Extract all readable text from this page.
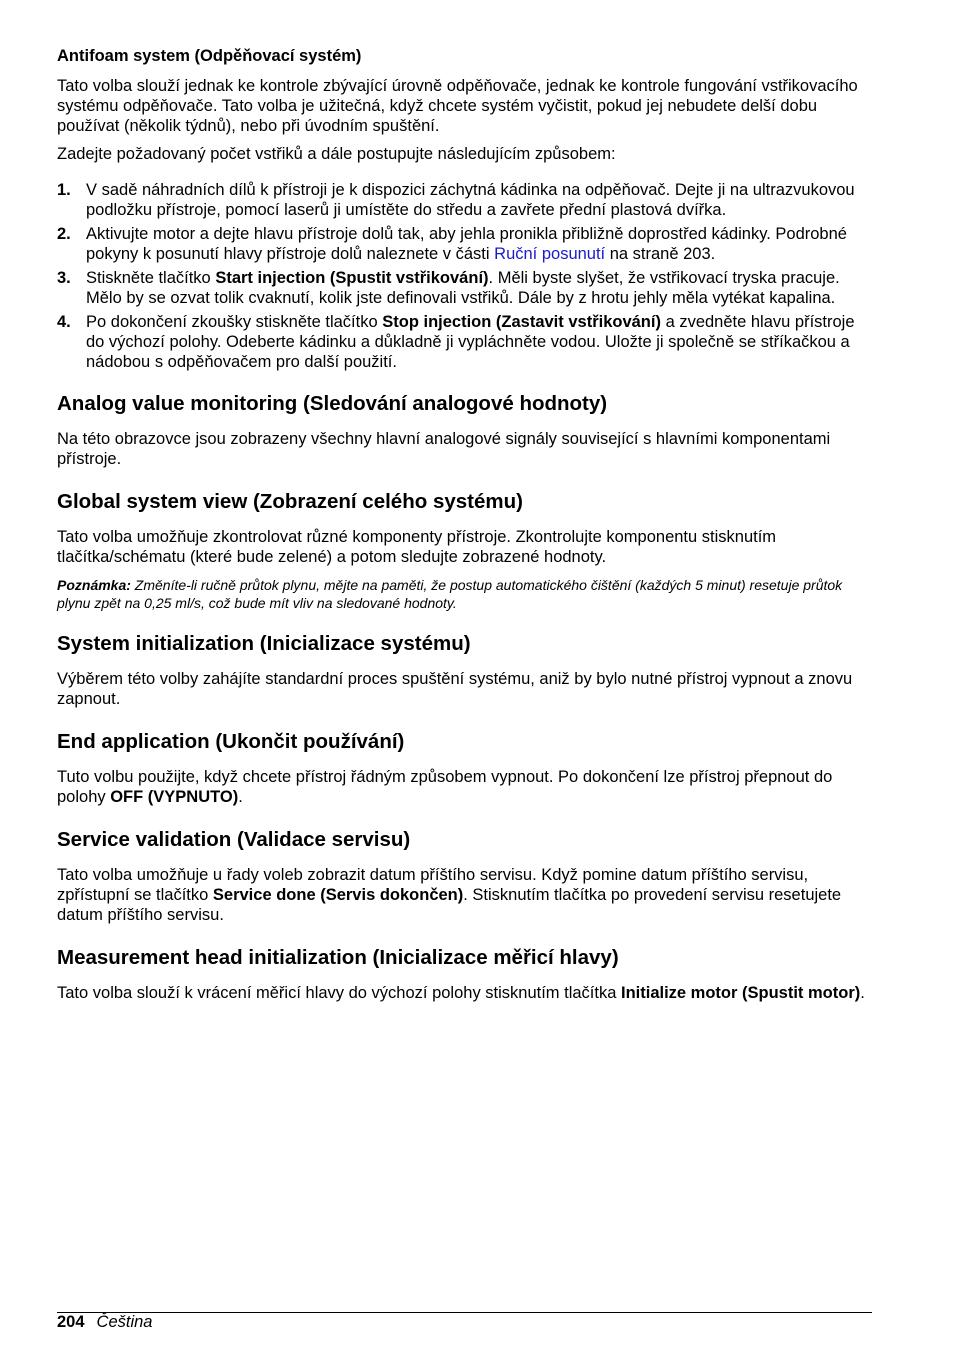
Antifoam system (Odpěňovací systém)

Tato volba slouží jednak ke kontrole zbývající úrovně odpěňovače, jednak ke kontrole fungování vstřikovacího systému odpěňovače. Tato volba je užitečná, když chcete systém vyčistit, pokud jej nebudete delší dobu používat (několik týdnů), nebo při úvodním spuštění.

Zadejte požadovaný počet vstřiků a dále postupujte následujícím způsobem:

1. V sadě náhradních dílů k přístroji je k dispozici záchytná kádinka na odpěňovač. Dejte ji na ultrazvukovou podložku přístroje, pomocí laserů ji umístěte do středu a zavřete přední plastová dvířka.
2. Aktivujte motor a dejte hlavu přístroje dolů tak, aby jehla pronikla přibližně doprostřed kádinky. Podrobné pokyny k posunutí hlavy přístroje dolů naleznete v části Ruční posunutí na straně 203.
3. Stiskněte tlačítko Start injection (Spustit vstřikování). Měli byste slyšet, že vstřikovací tryska pracuje. Mělo by se ozvat tolik cvaknutí, kolik jste definovali vstřiků. Dále by z hrotu jehly měla vytékat kapalina.
4. Po dokončení zkoušky stiskněte tlačítko Stop injection (Zastavit vstřikování) a zvedněte hlavu přístroje do výchozí polohy. Odeberte kádinku a důkladně ji vypláchněte vodou. Uložte ji společně se stříkačkou a nádobou s odpěňovačem pro další použití.
Analog value monitoring (Sledování analogové hodnoty)

Na této obrazovce jsou zobrazeny všechny hlavní analogové signály související s hlavními komponentami přístroje.

Global system view (Zobrazení celého systému)

Tato volba umožňuje zkontrolovat různé komponenty přístroje. Zkontrolujte komponentu stisknutím tlačítka/schématu (které bude zelené) a potom sledujte zobrazené hodnoty.

Poznámka: Změníte-li ručně průtok plynu, mějte na paměti, že postup automatického čištění (každých 5 minut) resetuje průtok plynu zpět na 0,25 ml/s, což bude mít vliv na sledované hodnoty.

System initialization (Inicializace systému)

Výběrem této volby zahájíte standardní proces spuštění systému, aniž by bylo nutné přístroj vypnout a znovu zapnout.

End application (Ukončit používání)

Tuto volbu použijte, když chcete přístroj řádným způsobem vypnout. Po dokončení lze přístroj přepnout do polohy OFF (VYPNUTO).

Service validation (Validace servisu)

Tato volba umožňuje u řady voleb zobrazit datum příštího servisu. Když pomine datum příštího servisu, zpřístupní se tlačítko Service done (Servis dokončen). Stisknutím tlačítka po provedení servisu resetujete datum příštího servisu.

Measurement head initialization (Inicializace měřicí hlavy)

Tato volba slouží k vrácení měřicí hlavy do výchozí polohy stisknutím tlačítka Initialize motor (Spustit motor).

204 Čeština
